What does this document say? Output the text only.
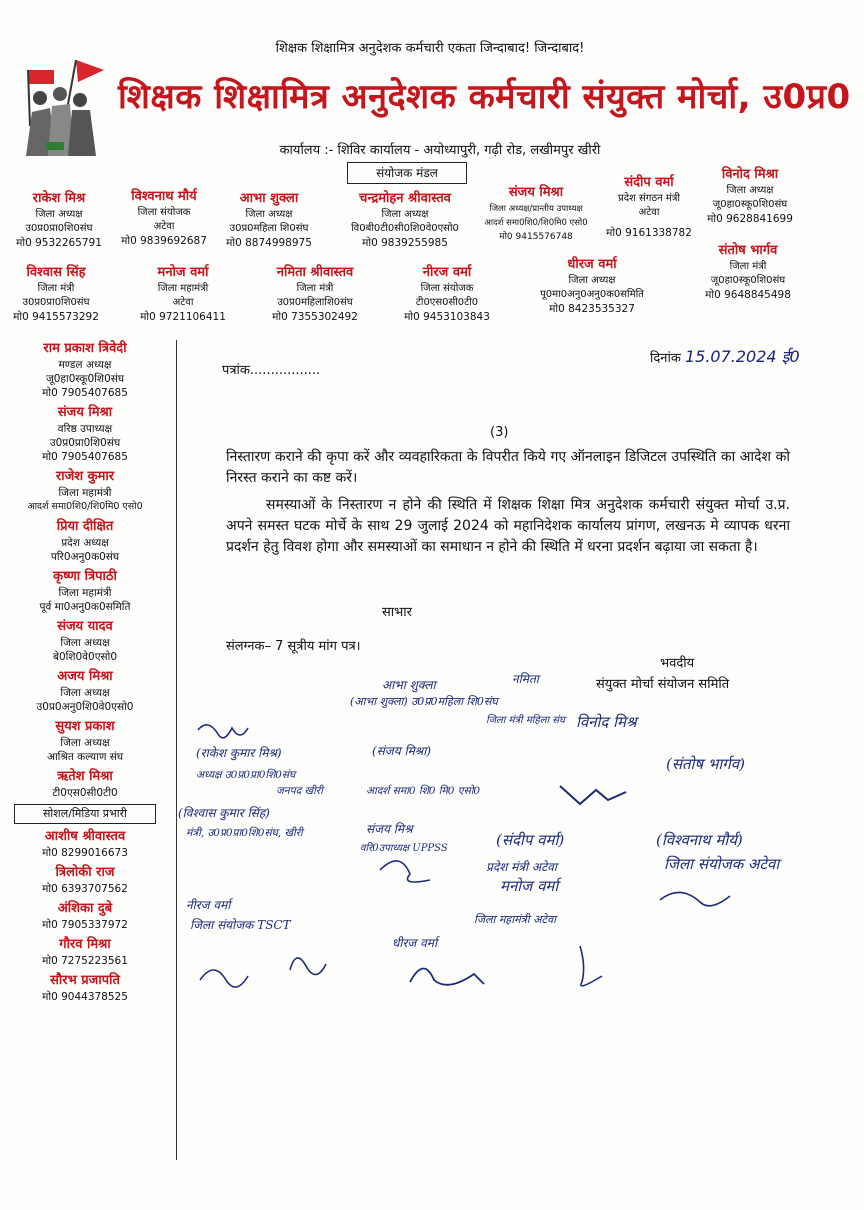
शिक्षक शिक्षामित्र अनुदेशक कर्मचारी एकता जिन्दाबाद! जिन्दाबाद!
शिक्षक शिक्षामित्र अनुदेशक कर्मचारी संयुक्त मोर्चा, उ0प्र0
कार्यालय :- शिविर कार्यालय - अयोध्यापुरी, गढ़ी रोड, लखीमपुर खीरी
संयोजक मंडल
राकेश मिश्र
जिला अध्यक्ष
उ0प्र0प्रा0शि0संघ
मो0 9532265791
विश्वनाथ मौर्य
जिला संयोजक
अटेवा
मो0 9839692687
आभा शुक्ला
जिला अध्यक्ष
उ0प्र0महिला शि0संघ
मो0 8874998975
चन्द्रमोहन श्रीवास्तव
जिला अध्यक्ष
वि0बी0टी0सी0शि0वे0एसो0
मो0 9839255985
संजय मिश्रा
जिला अध्यक्ष/प्रान्तीय उपाध्यक्ष
आदर्श समा0शि0/शि0मि0 एसो0
मो0 9415576748
संदीप वर्मा
प्रदेश संगठन मंत्री
अटेवा
मो0 9161338782
विनोद मिश्रा
जिला अध्यक्ष
जू0हा0स्कू0शि0संघ
मो0 9628841699
विश्वास सिंह
जिला मंत्री
उ0प्र0प्रा0शि0संघ
मो0 9415573292
मनोज वर्मा
जिला महामंत्री
अटेवा
मो0 9721106411
नमिता श्रीवास्तव
जिला मंत्री
उ0प्र0महिलाशि0संघ
मो0 7355302492
नीरज वर्मा
जिला संयोजक
टी0एस0सी0टी0
मो0 9453103843
धीरज वर्मा
जिला अध्यक्ष
पू0मा0अनु0अनु0क0समिति
मो0 8423535327
संतोष भार्गव
जिला मंत्री
जू0हा0स्कू0शि0संघ
मो0 9648845498
राम प्रकाश त्रिवेदी
मण्डल अध्यक्ष
जू0हा0स्कू0शि0संघ
मो0 7905407685
संजय मिश्रा
वरिष्ठ उपाध्यक्ष
उ0प्र0प्रा0शि0संघ
मो0 7905407685
राजेश कुमार
जिला महामंत्री
आदर्श समा0शि0/शि0मि0 एसो0
प्रिया दीक्षित
प्रदेश अध्यक्ष
परि0अनु0क0संघ
कृष्णा त्रिपाठी
जिला महामंत्री
पूर्व मा0अनु0क0समिति
संजय यादव
जिला अध्यक्ष
बे0शि0वे0एसो0
अजय मिश्रा
जिला अध्यक्ष
उ0प्र0अनु0शि0वे0एसो0
सुयश प्रकाश
जिला अध्यक्ष
आश्रित कल्याण संघ
ऋतेश मिश्रा
टी0एस0सी0टी0
सोशल/मिडिया प्रभारी
आशीष श्रीवास्तव
मो0 8299016673
त्रिलोकी राज
मो0 6393707562
अंशिका दुबे
मो0 7905337972
गौरव मिश्रा
मो0 7275223561
सौरभ प्रजापति
मो0 9044378525
पत्रांक.................
दिनांक 15.07.2024 ई0
(3)
निस्तारण कराने की कृपा करें और व्यवहारिकता के विपरीत किये गए ऑनलाइन डिजिटल उपस्थिति का आदेश को निरस्त कराने का कष्ट करें।
समस्याओं के निस्तारण न होने की स्थिति में शिक्षक शिक्षा मित्र अनुदेशक कर्मचारी संयुक्त मोर्चा उ.प्र. अपने समस्त घटक मोर्चे के साथ 29 जुलाई 2024 को महानिदेशक कार्यालय प्रांगण, लखनऊ मे व्यापक धरना प्रदर्शन हेतु विवश होगा और समस्याओं का समाधान न होने की स्थिति में धरना प्रदर्शन बढ़ाया जा सकता है।
साभार
संलग्नक– 7 सूत्रीय मांग पत्र।
भवदीय
संयुक्त मोर्चा संयोजन समिति
आभा शुक्ला	नमिता
(आभा शुक्ला) उ0प्र0महिला शि0संघ
जिला मंत्री महिला संघ विनोद मिश्र
(राकेश कुमार मिश्र)	(संजय मिश्रा)
(संतोष भार्गव)
अध्यक्ष उ0प्र0प्रा0शि0संघ
आदर्श समा0 शि0 मि0 एसो0
जनपद खीरी
(विश्वास कुमार सिंह)
संजय मिश्र
मंत्री, उ0प्र0प्रा0शि0संघ, खीरी
वरि0उपाध्यक्ष UPPSS	(संदीप वर्मा)
प्रदेश मंत्री अटेवा
(विश्वनाथ मौर्य)
जिला संयोजक अटेवा
नीरज वर्मा
जिला संयोजक TSCT
मनोज वर्मा
जिला महामंत्री अटेवा
धीरज वर्मा
